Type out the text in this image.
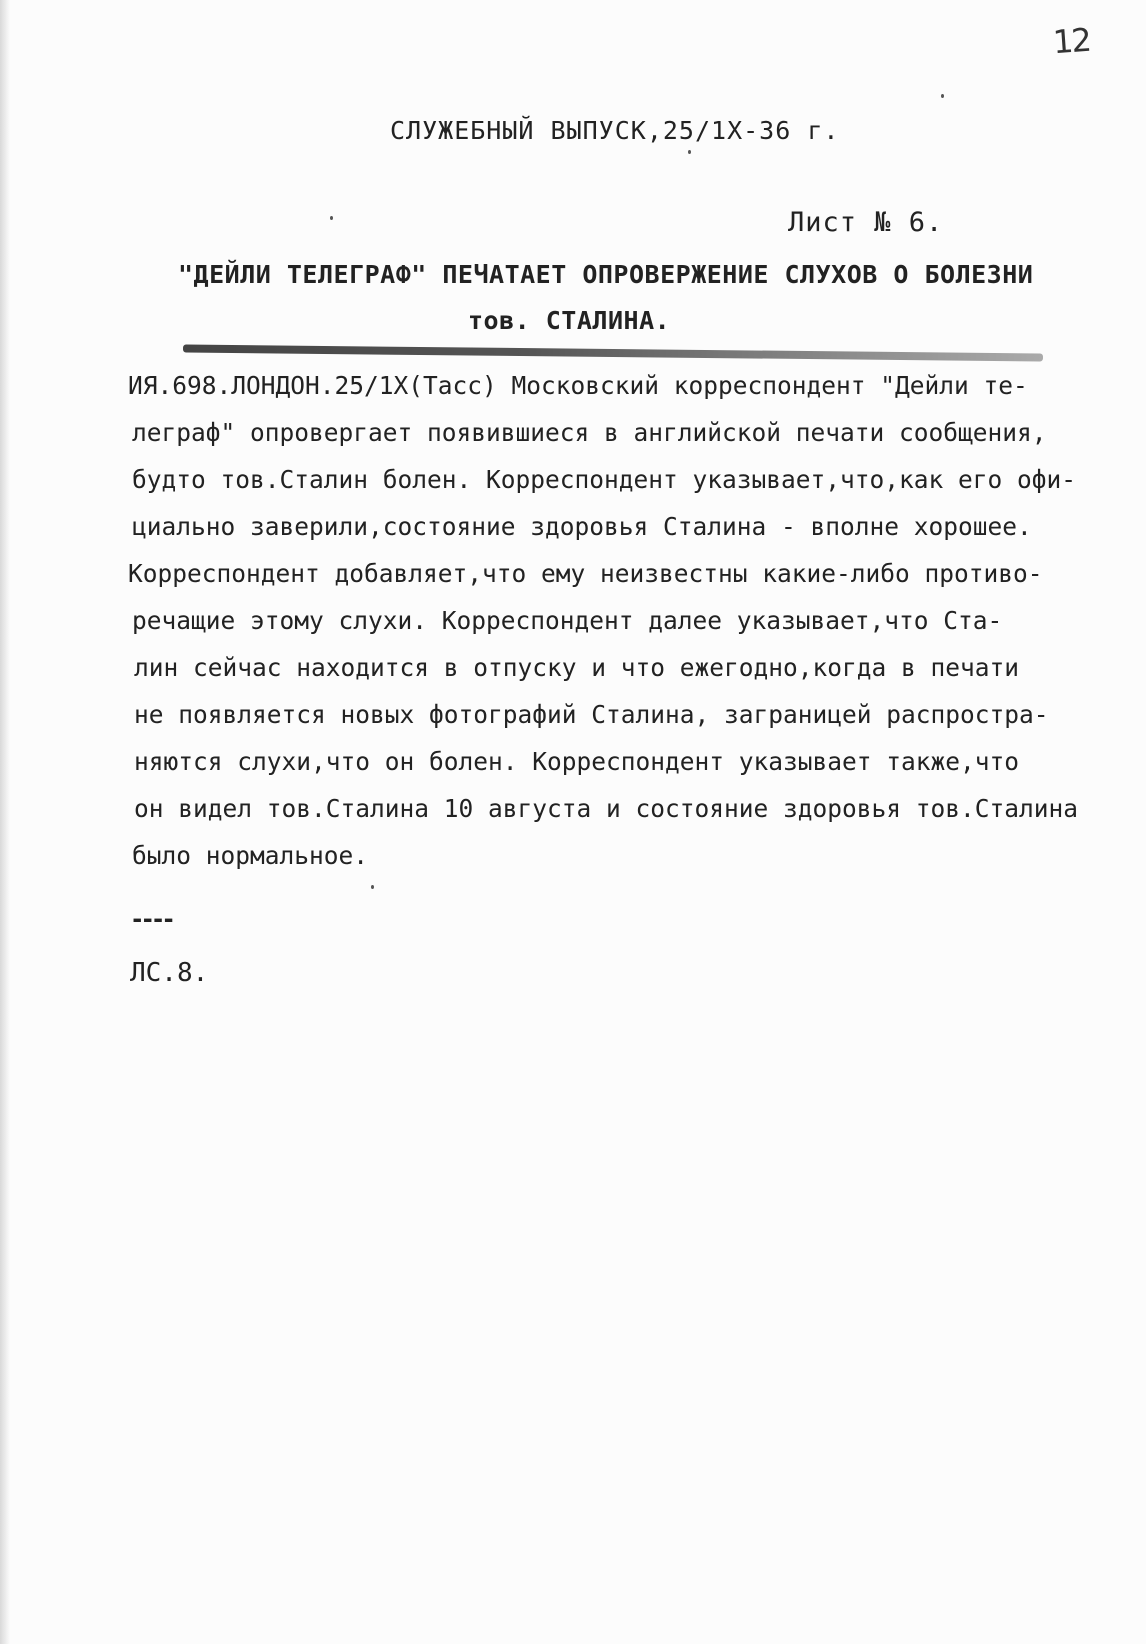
12
СЛУЖЕБНЫЙ ВЫПУСК,25/1Х-36 г.
Лист № 6.
"ДЕЙЛИ ТЕЛЕГРАФ" ПЕЧАТАЕТ ОПРОВЕРЖЕНИЕ СЛУХОВ О БОЛЕЗНИ
тов. СТАЛИНА.
ИЯ.698.ЛОНДОН.25/1Х(Тасс) Московский корреспондент "Дейли те-
леграф" опровергает появившиеся в английской печати сообщения,
будто тов.Сталин болен. Корреспондент указывает,что,как его офи-
циально заверили,состояние здоровья Сталина - вполне хорошее.
Корреспондент добавляет,что ему неизвестны какие-либо противо-
речащие этому слухи. Корреспондент далее указывает,что Ста-
лин сейчас находится в отпуску и что ежегодно,когда в печати
не появляется новых фотографий Сталина, заграницей распростра-
няются слухи,что он болен. Корреспондент указывает также,что
он видел тов.Сталина 10 августа и состояние здоровья тов.Сталина
было нормальное.
----
ЛС.8.
